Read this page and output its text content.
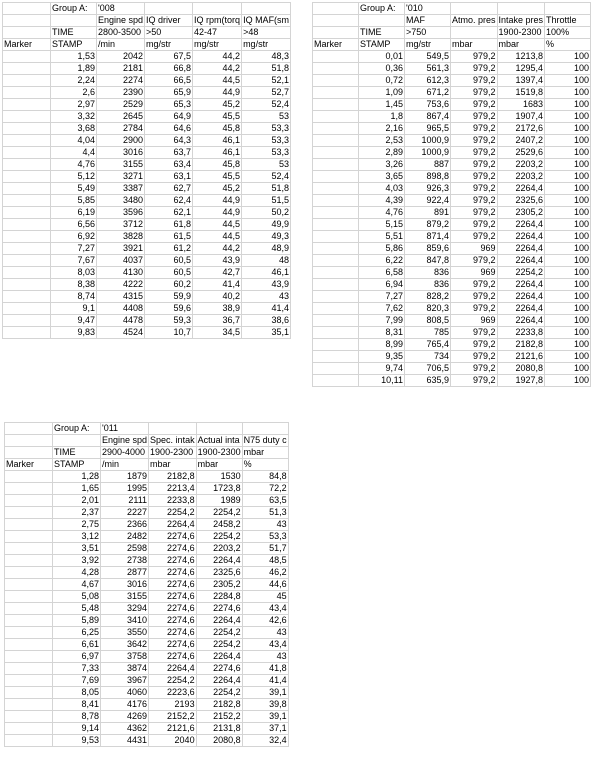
	Group A:	'008			
		Engine spd	IQ driver	IQ rpm(torq	IQ MAF(sm
	TIME	2800-3500	>50	42-47	>48
Marker	STAMP	/min	mg/str	mg/str	mg/str
	1,53	2042	67,5	44,2	48,3
	1,89	2181	66,8	44,2	51,8
	2,24	2274	66,5	44,5	52,1
	2,6	2390	65,9	44,9	52,7
	2,97	2529	65,3	45,2	52,4
	3,32	2645	64,9	45,5	53
	3,68	2784	64,6	45,8	53,3
	4,04	2900	64,3	46,1	53,3
	4,4	3016	63,7	46,1	53,3
	4,76	3155	63,4	45,8	53
	5,12	3271	63,1	45,5	52,4
	5,49	3387	62,7	45,2	51,8
	5,85	3480	62,4	44,9	51,5
	6,19	3596	62,1	44,9	50,2
	6,56	3712	61,8	44,5	49,9
	6,92	3828	61,5	44,5	49,3
	7,27	3921	61,2	44,2	48,9
	7,67	4037	60,5	43,9	48
	8,03	4130	60,5	42,7	46,1
	8,38	4222	60,2	41,4	43,9
	8,74	4315	59,9	40,2	43
	9,1	4408	59,6	38,9	41,4
	9,47	4478	59,3	36,7	38,6
	9,83	4524	10,7	34,5	35,1
	Group A:	'010			
		MAF	Atmo. pres	Intake pres	Throttle
	TIME	>750		1900-2300	100%
Marker	STAMP	mg/str	mbar	mbar	%
	0,01	549,5	979,2	1213,8	100
	0,36	561,3	979,2	1295,4	100
	0,72	612,3	979,2	1397,4	100
	1,09	671,2	979,2	1519,8	100
	1,45	753,6	979,2	1683	100
	1,8	867,4	979,2	1907,4	100
	2,16	965,5	979,2	2172,6	100
	2,53	1000,9	979,2	2407,2	100
	2,89	1000,9	979,2	2529,6	100
	3,26	887	979,2	2203,2	100
	3,65	898,8	979,2	2203,2	100
	4,03	926,3	979,2	2264,4	100
	4,39	922,4	979,2	2325,6	100
	4,76	891	979,2	2305,2	100
	5,15	879,2	979,2	2264,4	100
	5,51	871,4	979,2	2264,4	100
	5,86	859,6	969	2264,4	100
	6,22	847,8	979,2	2264,4	100
	6,58	836	969	2254,2	100
	6,94	836	979,2	2264,4	100
	7,27	828,2	979,2	2264,4	100
	7,62	820,3	979,2	2264,4	100
	7,99	808,5	969	2264,4	100
	8,31	785	979,2	2233,8	100
	8,99	765,4	979,2	2182,8	100
	9,35	734	979,2	2121,6	100
	9,74	706,5	979,2	2080,8	100
	10,11	635,9	979,2	1927,8	100
	Group A:	'011			
		Engine spd	Spec. intak	Actual inta	N75 duty c
	TIME	2900-4000	1900-2300	1900-2300	mbar
Marker	STAMP	/min	mbar	mbar	%
	1,28	1879	2182,8	1530	84,8
	1,65	1995	2213,4	1723,8	72,2
	2,01	2111	2233,8	1989	63,5
	2,37	2227	2254,2	2254,2	51,3
	2,75	2366	2264,4	2458,2	43
	3,12	2482	2274,6	2254,2	53,3
	3,51	2598	2274,6	2203,2	51,7
	3,92	2738	2274,6	2264,4	48,5
	4,28	2877	2274,6	2325,6	46,2
	4,67	3016	2274,6	2305,2	44,6
	5,08	3155	2274,6	2284,8	45
	5,48	3294	2274,6	2274,6	43,4
	5,89	3410	2274,6	2264,4	42,6
	6,25	3550	2274,6	2254,2	43
	6,61	3642	2274,6	2254,2	43,4
	6,97	3758	2274,6	2264,4	43
	7,33	3874	2264,4	2274,6	41,8
	7,69	3967	2254,2	2264,4	41,4
	8,05	4060	2223,6	2254,2	39,1
	8,41	4176	2193	2182,8	39,8
	8,78	4269	2152,2	2152,2	39,1
	9,14	4362	2121,6	2131,8	37,1
	9,53	4431	2040	2080,8	32,4
